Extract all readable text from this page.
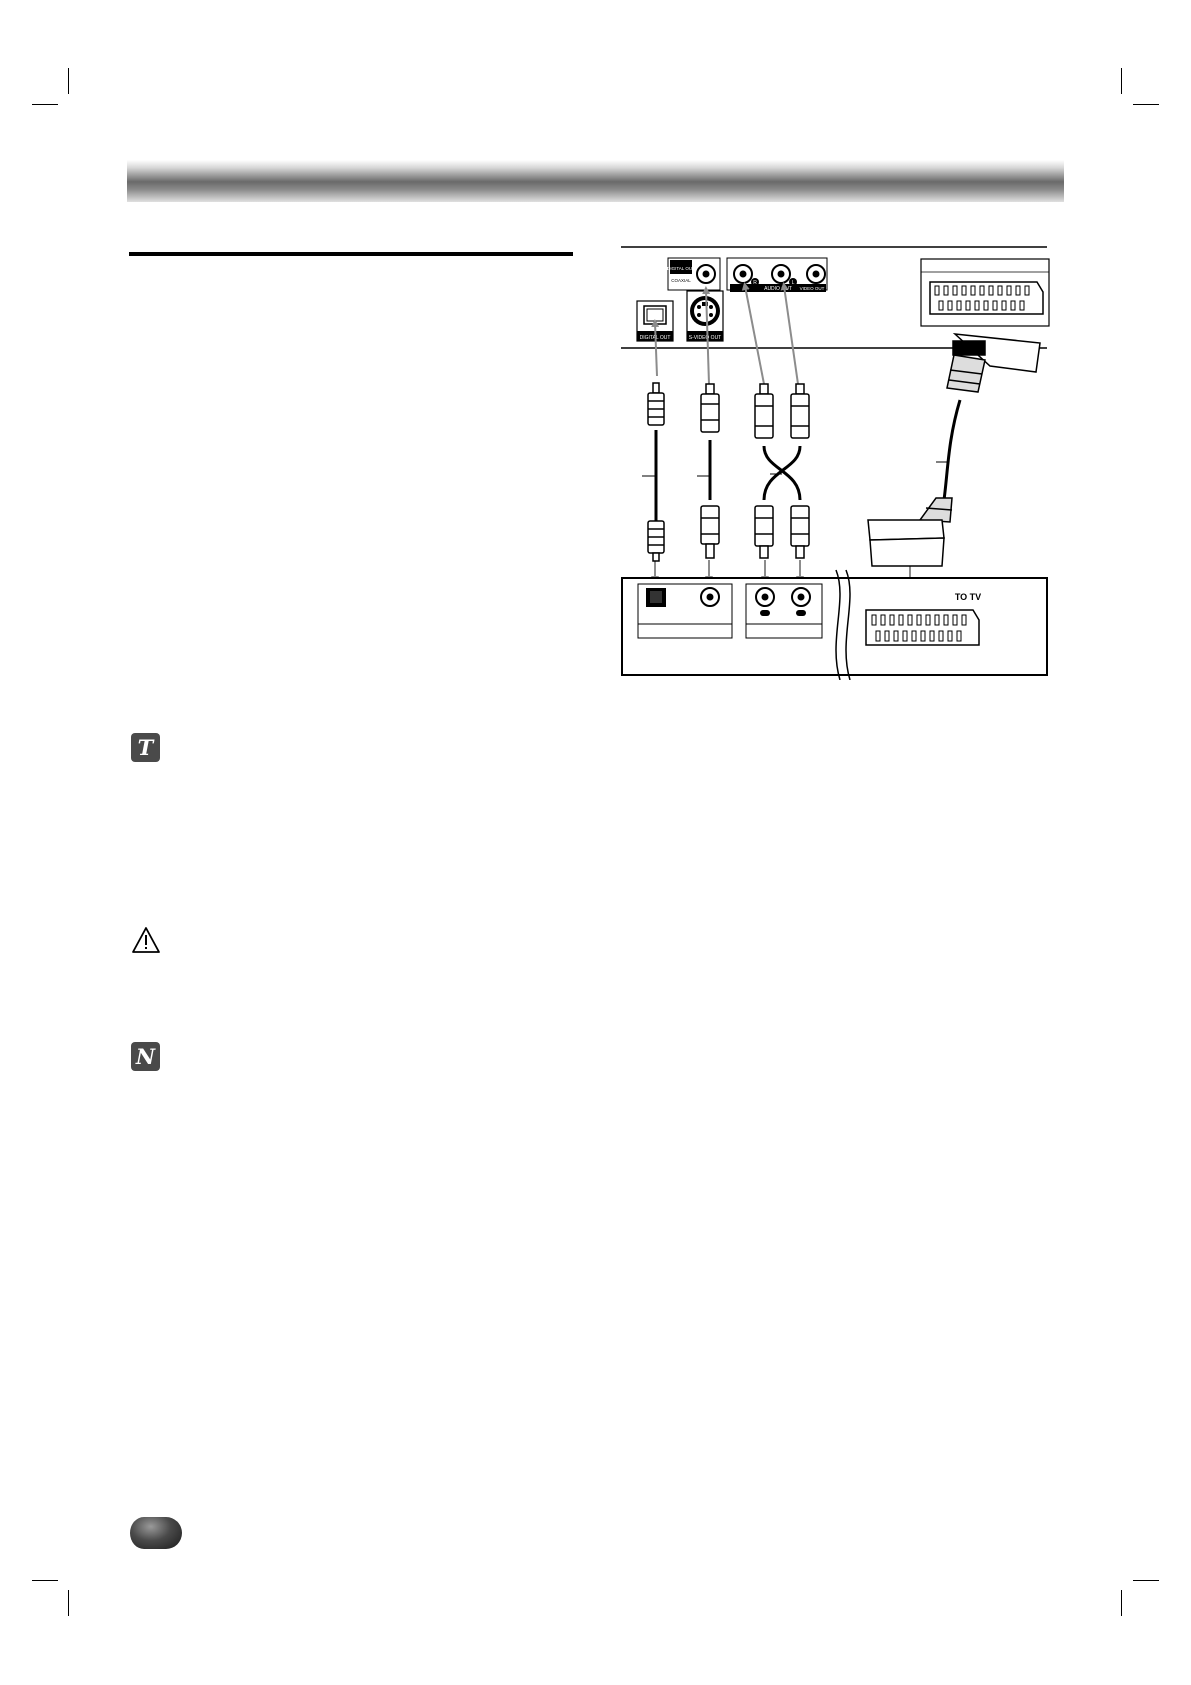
T
N
DIGITAL OUT
COAXIAL
AUDIO OUT
R	L
VIDEO OUT
DIGITAL OUT	S-VIDEO OUT
TO TV
